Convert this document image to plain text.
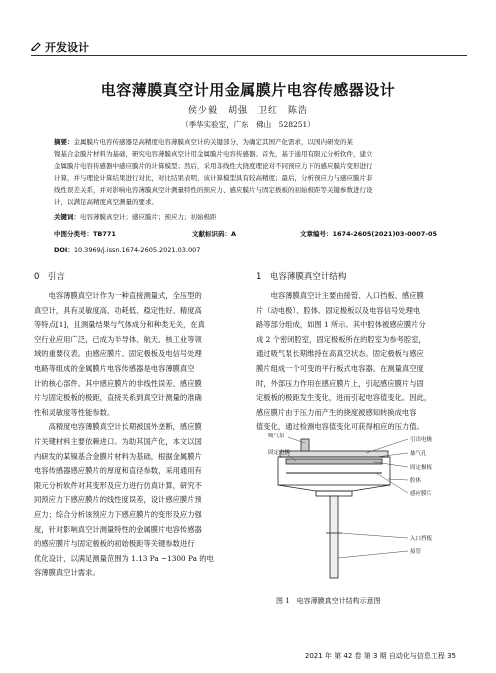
开发设计
电容薄膜真空计用金属膜片电容传感器设计
侯少毅　胡强　卫红　陈浩
（季华实验室，广东　佛山　528251）
摘要：金属膜片电容传感器是高精度电容薄膜真空计的关键部分，为确定其国产化需求，以国内研发的某
镍基合金膜片材料为基础，研究电容薄膜真空计用金属膜片电容传感器。首先，基于通用有限元分析软件，建立
金属膜片电容传感器中感应膜片的计算模型；然后，采用非线性大挠度理论对不同预应力下的感应膜片变形进行
计算，并与理论计算结果进行对比，对比结果表明，该计算模型具有较高精度；最后，分析预应力与感应膜片非
线性误差关系，并对影响电容薄膜真空计测量特性的预应力、感应膜片与固定极板的初始极距等关键参数进行设
计，以满足高精度真空测量的要求。
关键词：电容薄膜真空计；感应膜片；预应力；初始极距
中图分类号：TB771	文献标识码：A	文章编号：1674-2605(2021)03-0007-05
DOI：10.3969/j.issn.1674-2605.2021.03.007
0　引言
　　电容薄膜真空计作为一种直接测量式，全压型的
真空计，具有灵敏度高、功耗低、稳定性好、精度高
等特点[1]，且测量结果与气体成分和种类无关，在真
空行业应用广泛，已成为半导体、航天、核工业等领
域的重要仪表。由感应膜片、固定极板及电信号处理
电路等组成的金属膜片电容传感器是电容薄膜真空
计的核心部件。其中感应膜片的非线性误差、感应膜
片与固定极板的极距，直接关系到真空计测量的准确
性和灵敏度等性能参数。
　　高精度电容薄膜真空计长期被国外垄断，感应膜
片关键材料主要依赖进口。为助其国产化，本文以国
内研发的某镍基合金膜片材料为基础，根据金属膜片
电容传感器感应膜片的厚度和直径参数，采用通用有
限元分析软件对其变形及应力进行仿真计算，研究不
同预应力下感应膜片的线性度误差，设计感应膜片预
应力；综合分析该预应力下感应膜片的变形及应力强
度，针对影响真空计测量特性的金属膜片电容传感器
的感应膜片与固定极板的初始极距等关键参数进行
优化设计，以满足测量范围为 1.13 Pa ~1300 Pa 的电
容薄膜真空计需求。
1　电容薄膜真空计结构
　　电容薄膜真空计主要由接管、入口挡板、感应膜
片（动电极）、腔体、固定极板以及电容信号处理电
路等部分组成，如图 1 所示。其中腔体被感应膜片分
成 2 个密闭腔室，固定极板所在的腔室为参考腔室，
通过吸气泵长期维持在高真空状态。固定极板与感应
膜片组成一个可变的平行板式电容器。在测量真空度
时，外部压力作用在感应膜片上，引起感应膜片与固
定极板的极距发生变化，进而引起电容值变化。因此，
感应膜片由于压力而产生的挠度被感知转换成电容
值变化，通过检测电容值变化可获得相应的压力值。
吸气泵
固定电极
引出电极
抽气孔
固定极板
腔体
感应膜片
入口挡板
接管
图 1　电容薄膜真空计结构示意图
2021 年 第 42 卷 第 3 期 自动化与信息工程 35
